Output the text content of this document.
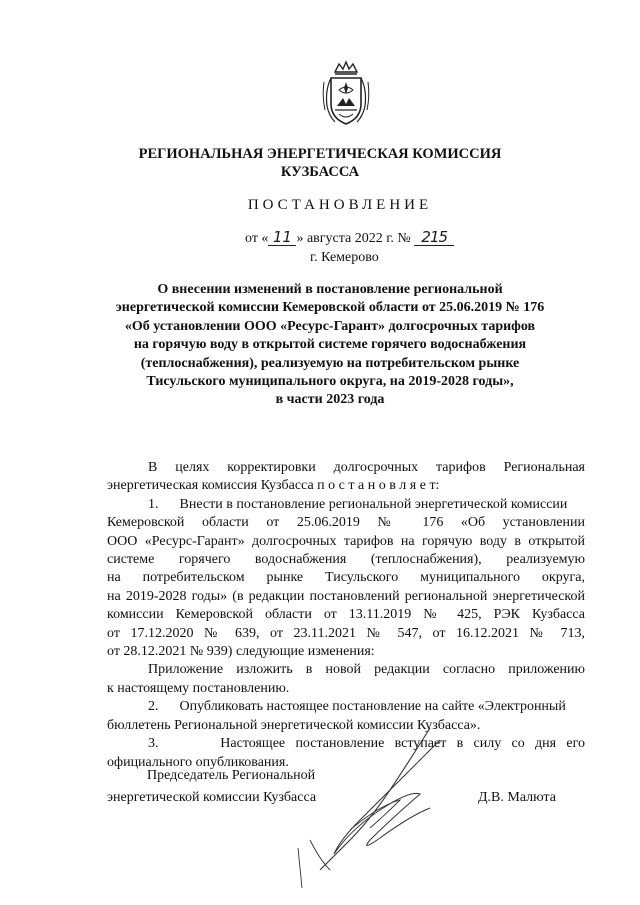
РЕГИОНАЛЬНАЯ ЭНЕРГЕТИЧЕСКАЯ КОМИССИЯ
КУЗБАССА
ПОСТАНОВЛЕНИЕ
от « 11 » августа 2022 г. № 215
г. Кемерово
О внесении изменений в постановление региональной
энергетической комиссии Кемеровской области от 25.06.2019 № 176
«Об установлении ООО «Ресурс-Гарант» долгосрочных тарифов
на горячую воду в открытой системе горячего водоснабжения
(теплоснабжения), реализуемую на потребительском рынке
Тисульского муниципального округа, на 2019-2028 годы»,
в части 2023 года
В целях корректировки долгосрочных тарифов Региональная
энергетическая комиссия Кузбасса п о с т а н о в л я е т:
1.      Внести в постановление региональной энергетической комиссии
Кемеровской области от 25.06.2019 № 176 «Об установлении
ООО «Ресурс-Гарант» долгосрочных тарифов на горячую воду в открытой
системе горячего водоснабжения (теплоснабжения), реализуемую
на потребительском рынке Тисульского муниципального округа,
на 2019-2028 годы» (в редакции постановлений региональной энергетической
комиссии Кемеровской области от 13.11.2019 № 425, РЭК Кузбасса
от 17.12.2020 № 639, от 23.11.2021 № 547, от 16.12.2021 № 713,
от 28.12.2021 № 939) следующие изменения:
Приложение изложить в новой редакции согласно приложению
к настоящему постановлению.
2.      Опубликовать настоящее постановление на сайте «Электронный
бюллетень Региональной энергетической комиссии Кузбасса».
3.      Настоящее постановление вступает в силу со дня его
официального опубликования.
Председатель Региональной
энергетической комиссии Кузбасса	Д.В. Малюта
